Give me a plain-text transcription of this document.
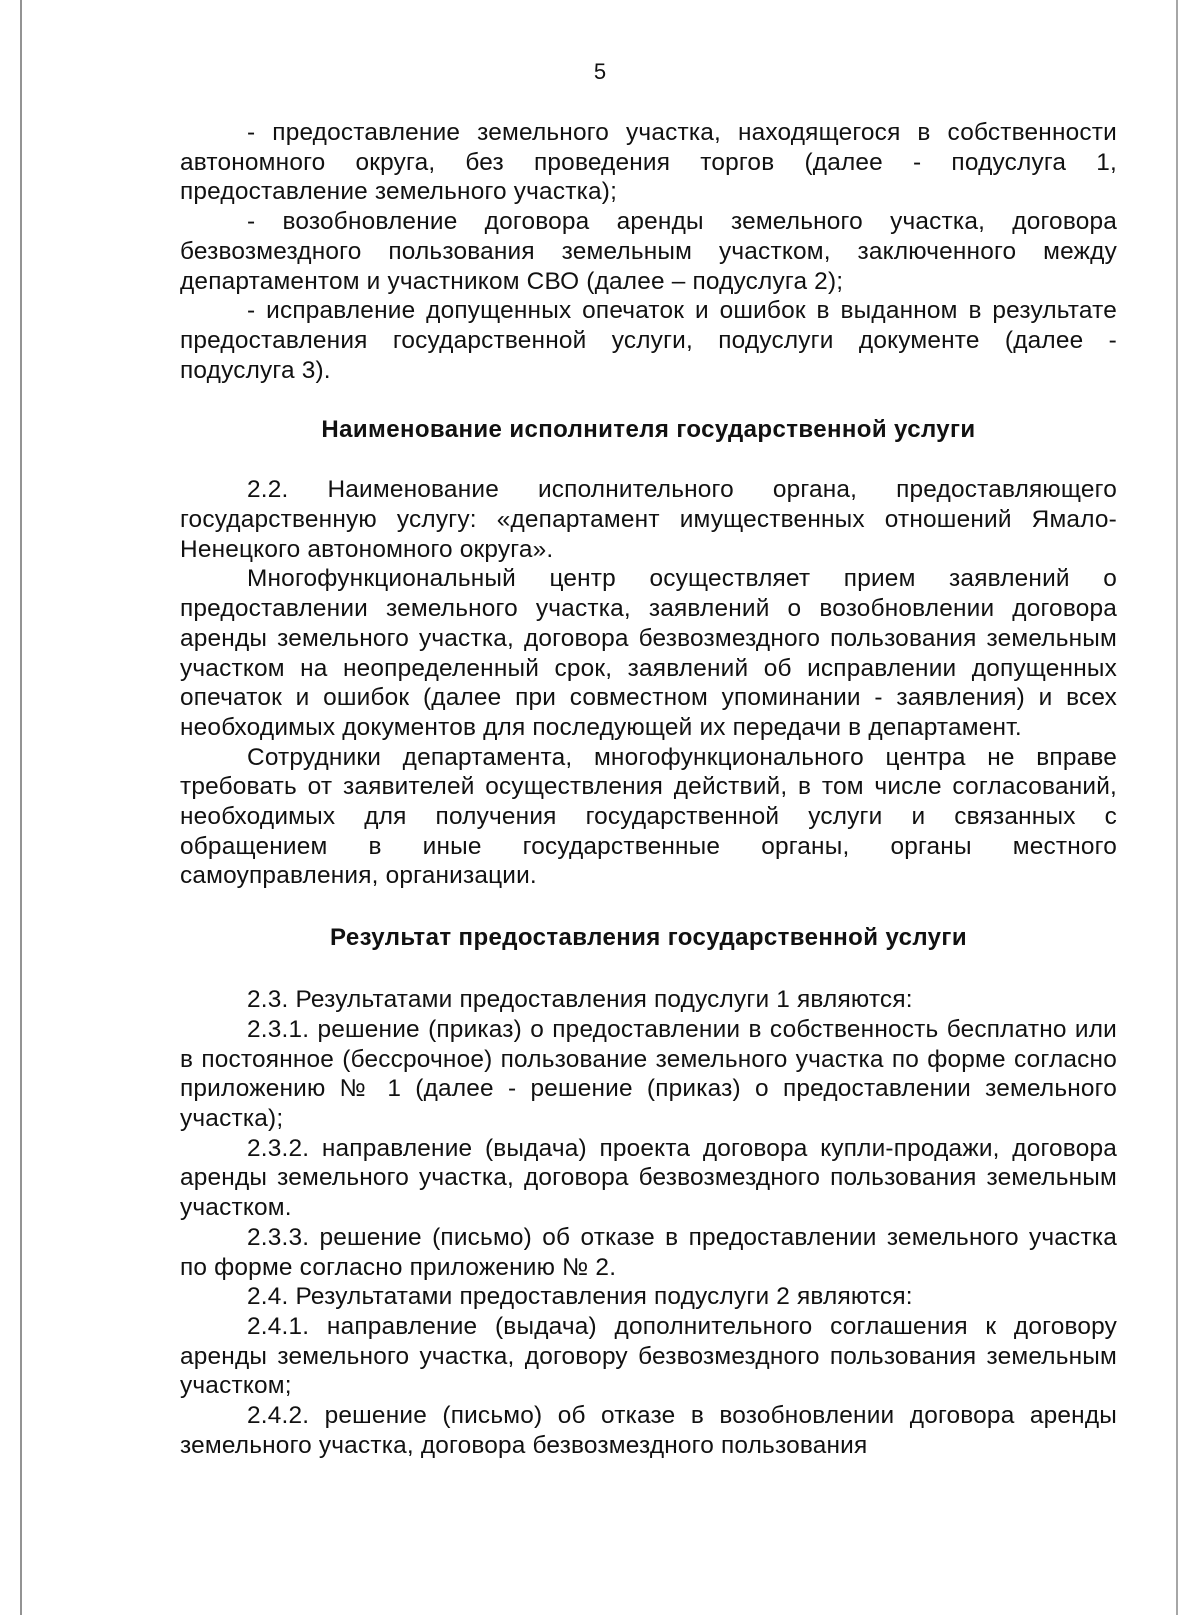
5

- предоставление земельного участка, находящегося в собственности автономного округа, без проведения торгов (далее - подуслуга 1, предоставление земельного участка);

- возобновление договора аренды земельного участка, договора безвозмездного пользования земельным участком, заключенного между департаментом и участником СВО (далее – подуслуга 2);

- исправление допущенных опечаток и ошибок в выданном в результате предоставления государственной услуги, подуслуги документе (далее - подуслуга 3).

Наименование исполнителя государственной услуги

2.2. Наименование исполнительного органа, предоставляющего государственную услугу: «департамент имущественных отношений Ямало-Ненецкого автономного округа».

Многофункциональный центр осуществляет прием заявлений о предоставлении земельного участка, заявлений о возобновлении договора аренды земельного участка, договора безвозмездного пользования земельным участком на неопределенный срок, заявлений об исправлении допущенных опечаток и ошибок (далее при совместном упоминании - заявления) и всех необходимых документов для последующей их передачи в департамент.

Сотрудники департамента, многофункционального центра не вправе требовать от заявителей осуществления действий, в том числе согласований, необходимых для получения государственной услуги и связанных с обращением в иные государственные органы, органы местного самоуправления, организации.

Результат предоставления государственной услуги

2.3. Результатами предоставления подуслуги 1 являются:

2.3.1. решение (приказ) о предоставлении в собственность бесплатно или в постоянное (бессрочное) пользование земельного участка по форме согласно приложению № 1 (далее - решение (приказ) о предоставлении земельного участка);

2.3.2. направление (выдача) проекта договора купли-продажи, договора аренды земельного участка, договора безвозмездного пользования земельным участком.

2.3.3. решение (письмо) об отказе в предоставлении земельного участка по форме согласно приложению № 2.

2.4. Результатами предоставления подуслуги 2 являются:

2.4.1. направление (выдача) дополнительного соглашения к договору аренды земельного участка, договору безвозмездного пользования земельным участком;

2.4.2. решение (письмо) об отказе в возобновлении договора аренды земельного участка, договора безвозмездного пользования
